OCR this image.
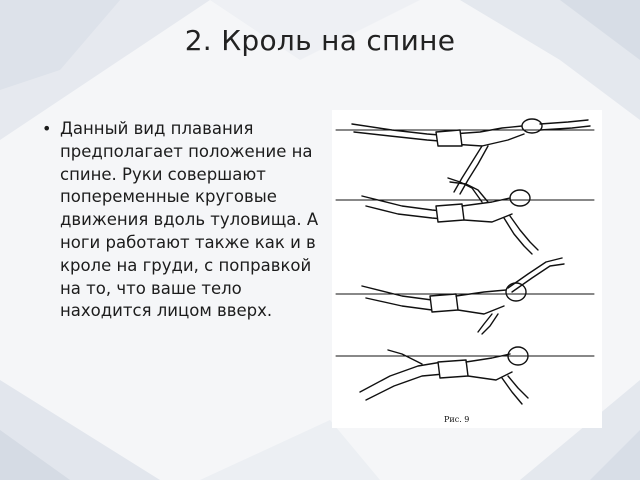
2. Кроль на спине
• Данный вид плавания предполагает положение на спине. Руки совершают попеременные круговые движения вдоль туловища. А ноги работают также как и в кроле на груди, с поправкой на то, что ваше тело находится лицом вверх.
Рис. 9
